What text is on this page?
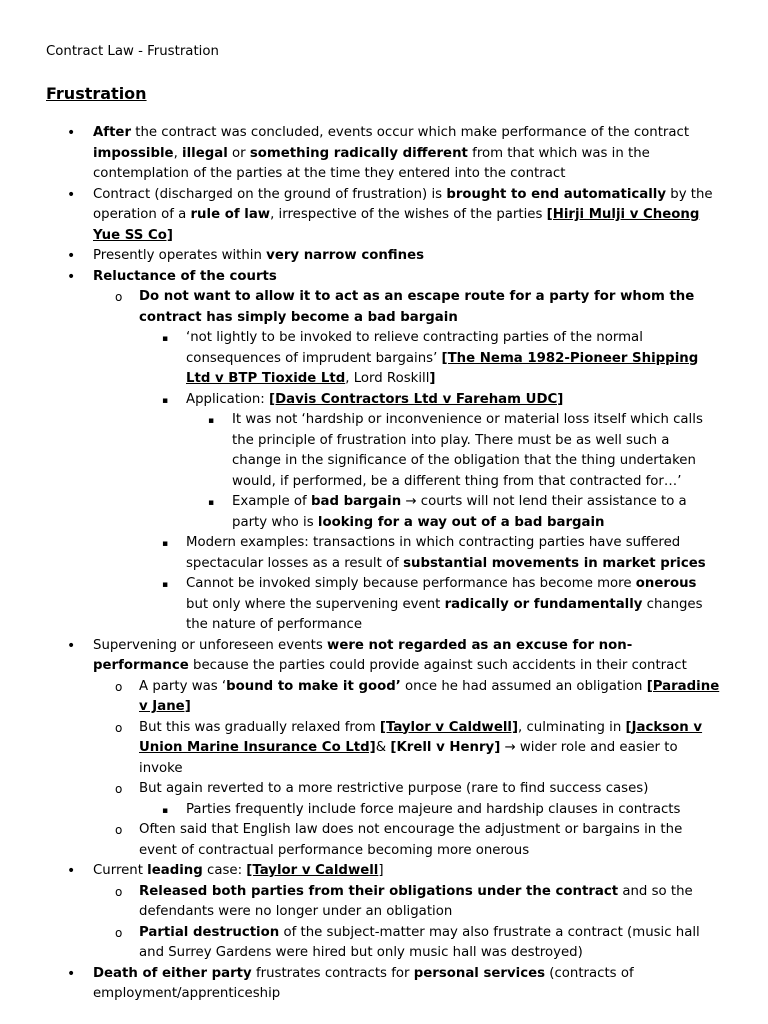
Contract Law - Frustration
Frustration
• After the contract was concluded, events occur which make performance of the contract impossible, illegal or something radically different from that which was in the contemplation of the parties at the time they entered into the contract
• Contract (discharged on the ground of frustration) is brought to end automatically by the operation of a rule of law, irrespective of the wishes of the parties [Hirji Mulji v Cheong Yue SS Co]
• Presently operates within very narrow confines
• Reluctance of the courts
o Do not want to allow it to act as an escape route for a party for whom the contract has simply become a bad bargain
▪ ‘not lightly to be invoked to relieve contracting parties of the normal consequences of imprudent bargains’ [The Nema 1982-Pioneer Shipping Ltd v BTP Tioxide Ltd, Lord Roskill]
▪ Application: [Davis Contractors Ltd v Fareham UDC]
▪ It was not ‘hardship or inconvenience or material loss itself which calls the principle of frustration into play. There must be as well such a change in the significance of the obligation that the thing undertaken would, if performed, be a different thing from that contracted for…’
▪ Example of bad bargain → courts will not lend their assistance to a party who is looking for a way out of a bad bargain
▪ Modern examples: transactions in which contracting parties have suffered spectacular losses as a result of substantial movements in market prices
▪ Cannot be invoked simply because performance has become more onerous but only where the supervening event radically or fundamentally changes the nature of performance
• Supervening or unforeseen events were not regarded as an excuse for non-performance because the parties could provide against such accidents in their contract
o A party was ‘bound to make it good’ once he had assumed an obligation [Paradine v Jane]
o But this was gradually relaxed from [Taylor v Caldwell], culminating in [Jackson v Union Marine Insurance Co Ltd]& [Krell v Henry] → wider role and easier to invoke
o But again reverted to a more restrictive purpose (rare to find success cases)
▪ Parties frequently include force majeure and hardship clauses in contracts
o Often said that English law does not encourage the adjustment or bargains in the event of contractual performance becoming more onerous
• Current leading case: [Taylor v Caldwell]
o Released both parties from their obligations under the contract and so the defendants were no longer under an obligation
o Partial destruction of the subject-matter may also frustrate a contract (music hall and Surrey Gardens were hired but only music hall was destroyed)
• Death of either party frustrates contracts for personal services (contracts of employment/apprenticeship
